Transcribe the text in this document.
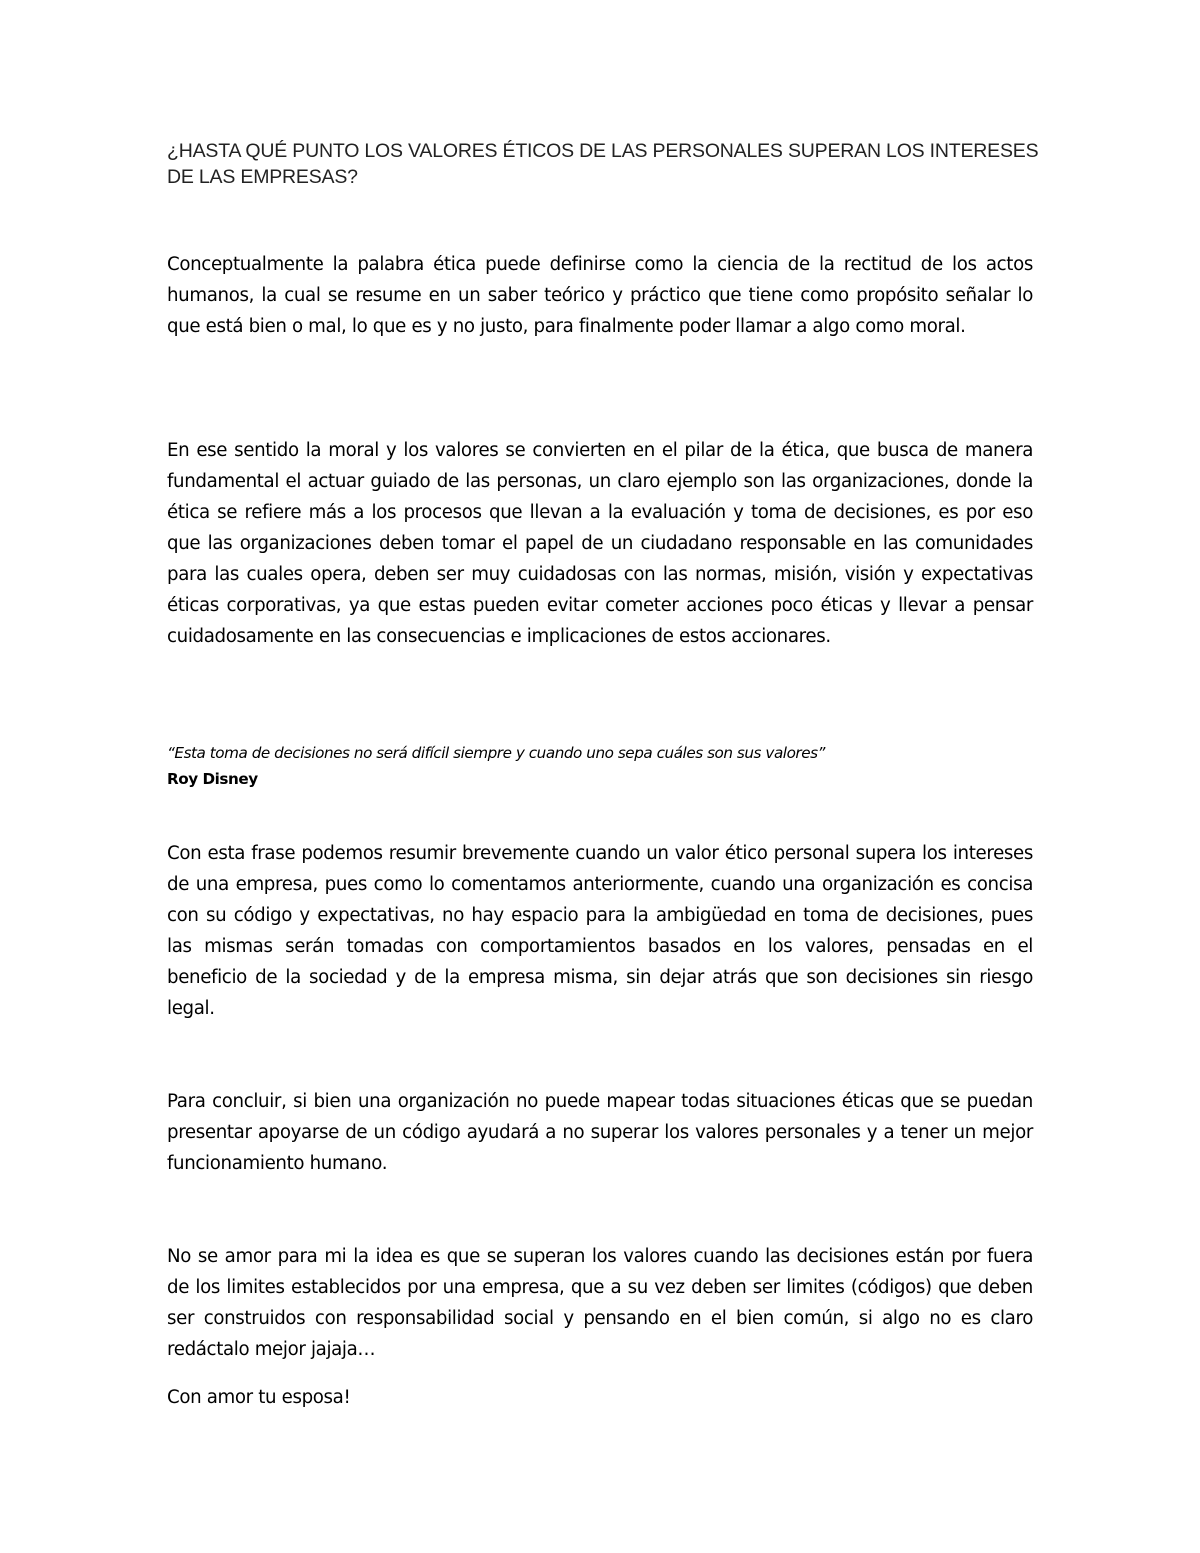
¿HASTA QUÉ PUNTO LOS VALORES ÉTICOS DE LAS PERSONALES SUPERAN LOS INTERESES DE LAS EMPRESAS?

Conceptualmente la palabra ética puede definirse como la ciencia de la rectitud de los actos humanos, la cual se resume en un saber teórico y práctico que tiene como propósito señalar lo que está bien o mal, lo que es y no justo, para finalmente poder llamar a algo como moral.

En ese sentido la moral y los valores se convierten en el pilar de la ética, que busca de manera fundamental el actuar guiado de las personas, un claro ejemplo son las organizaciones, donde la ética se refiere más a los procesos que llevan a la evaluación y toma de decisiones, es por eso que las organizaciones deben tomar el papel de un ciudadano responsable en las comunidades para las cuales opera, deben ser muy cuidadosas con las normas, misión, visión y expectativas éticas corporativas, ya que estas pueden evitar cometer acciones poco éticas y llevar a pensar cuidadosamente en las consecuencias e implicaciones de estos accionares.

“Esta toma de decisiones no será difícil siempre y cuando uno sepa cuáles son sus valores”
Roy Disney

Con esta frase podemos resumir brevemente cuando un valor ético personal supera los intereses de una empresa, pues como lo comentamos anteriormente, cuando una organización es concisa con su código y expectativas, no hay espacio para la ambigüedad en toma de decisiones, pues las mismas serán tomadas con comportamientos basados en los valores, pensadas en el beneficio de la sociedad y de la empresa misma, sin dejar atrás que son decisiones sin riesgo legal.

Para concluir, si bien una organización no puede mapear todas situaciones éticas que se puedan presentar apoyarse de un código ayudará a no superar los valores personales y a tener un mejor funcionamiento humano.

No se amor para mi la idea es que se superan los valores cuando las decisiones están por fuera de los limites establecidos por una empresa, que a su vez deben ser limites (códigos) que deben ser construidos con responsabilidad social y pensando en el bien común, si algo no es claro redáctalo mejor jajaja…

Con amor tu esposa!
